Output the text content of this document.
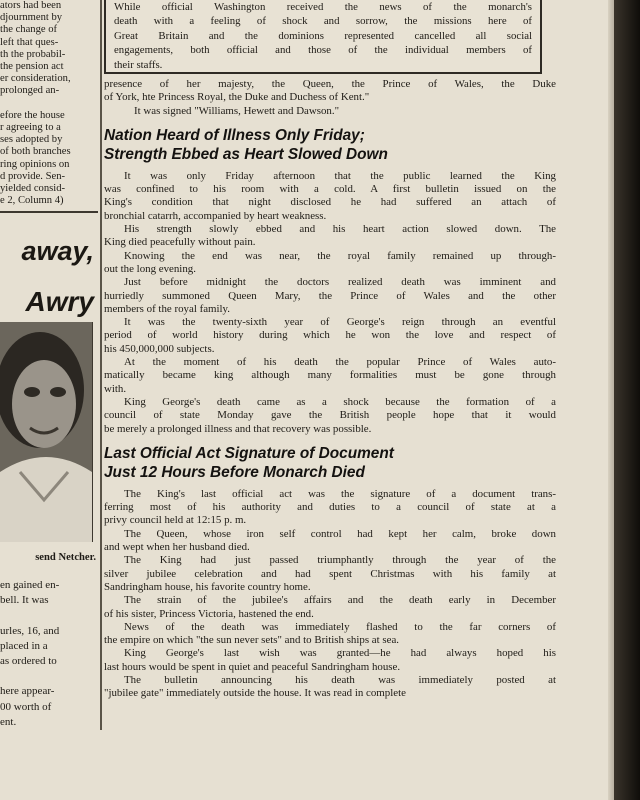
ators had been
djournment by
the change of
left that ques-
th the probabil-
the pension act
er consideration,
prolonged an-

efore the house
r agreeing to a
ses adopted by
of both branches
ring opinions on
d provide. Sen-
yielded consid-
e 2, Column 4)
away,
Awry
send Netcher.
en gained en-
bell. It was

urles, 16, and
placed in a
as ordered to

here appear-
00 worth of
ent.
While official Washington received the news of the monarch's
death with a feeling of shock and sorrow, the missions here of
Great Britain and the dominions represented cancelled all social
engagements, both official and those of the individual members of
their staffs.
presence of her majesty, the Queen, the Prince of Wales, the Duke
of York, hte Princess Royal, the Duke and Duchess of Kent."
It was signed "Williams, Hewett and Dawson."
Nation Heard of Illness Only Friday;
Strength Ebbed as Heart Slowed Down
It was only Friday afternoon that the public learned the King
was confined to his room with a cold. A first bulletin issued on the
King's condition that night disclosed he had suffered an attach of
bronchial catarrh, accompanied by heart weakness.
His strength slowly ebbed and his heart action slowed down. The
King died peacefully without pain.
Knowing the end was near, the royal family remained up through-
out the long evening.
Just before midnight the doctors realized death was imminent and
hurriedly summoned Queen Mary, the Prince of Wales and the other
members of the royal family.
It was the twenty-sixth year of George's reign through an eventful
period of world history during which he won the love and respect of
his 450,000,000 subjects.
At the moment of his death the popular Prince of Wales auto-
matically became king although many formalities must be gone through
with.
King George's death came as a shock because the formation of a
council of state Monday gave the British people hope that it would
be merely a prolonged illness and that recovery was possible.
Last Official Act Signature of Document
Just 12 Hours Before Monarch Died
The King's last official act was the signature of a document trans-
ferring most of his authority and duties to a council of state at a
privy council held at 12:15 p. m.
The Queen, whose iron self control had kept her calm, broke down
and wept when her husband died.
The King had just passed triumphantly through the year of the
silver jubilee celebration and had spent Christmas with his family at
Sandringham house, his favorite country home.
The strain of the jubilee's affairs and the death early in December
of his sister, Princess Victoria, hastened the end.
News of the death was immediately flashed to the far corners of
the empire on which "the sun never sets" and to British ships at sea.
King George's last wish was granted—he had always hoped his
last hours would be spent in quiet and peaceful Sandringham house.
The bulletin announcing his death was immediately posted at
"jubilee gate" immediately outside the house. It was read in complete
